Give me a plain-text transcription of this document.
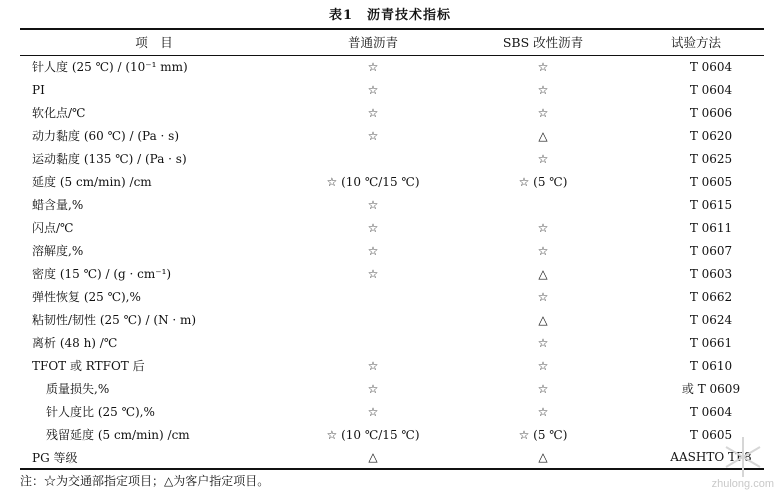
表1　沥青技术指标
项　目	普通沥青	SBS 改性沥青	试验方法
针人度 (25 ℃) / (10⁻¹ mm)	☆	☆	T 0604
PI	☆	☆	T 0604
软化点/℃	☆	☆	T 0606
动力黏度 (60 ℃) / (Pa · s)	☆	△	T 0620
运动黏度 (135 ℃) / (Pa · s)		☆	T 0625
延度 (5 cm/min) /cm	☆ (10 ℃/15 ℃)	☆ (5 ℃)	T 0605
蜡含量,%	☆		T 0615
闪点/℃	☆	☆	T 0611
溶解度,%	☆	☆	T 0607
密度 (15 ℃) / (g · cm⁻¹)	☆	△	T 0603
弹性恢复 (25 ℃),%		☆	T 0662
粘韧性/韧性 (25 ℃) / (N · m)		△	T 0624
离析 (48 h) /℃		☆	T 0661
TFOT 或 RTFOT 后	☆	☆	T 0610
质量损失,%	☆	☆	或 T 0609
针人度比 (25 ℃),%	☆	☆	T 0604
残留延度 (5 cm/min) /cm	☆ (10 ℃/15 ℃)	☆ (5 ℃)	T 0605
PG 等级	△	△	AASHTO TP8
注：☆为交通部指定项目；△为客户指定项目。	zhulong.com
